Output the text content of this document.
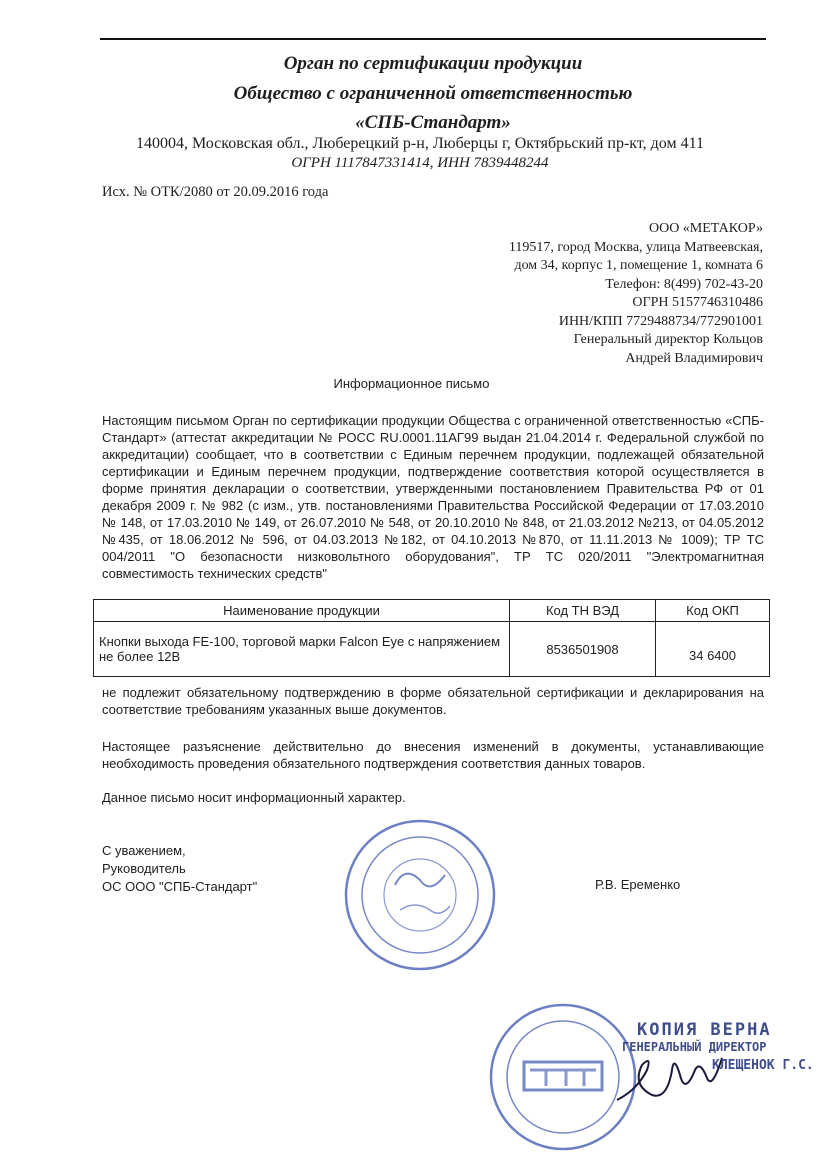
Орган по сертификации продукции
Общество с ограниченной ответственностью
«СПБ-Стандарт»
140004, Московская обл., Люберецкий р-н, Люберцы г, Октябрьский пр-кт, дом 411
ОГРН 1117847331414, ИНН 7839448244
Исх. № ОТК/2080 от 20.09.2016 года
ООО «МЕТАКОР»
119517, город Москва, улица Матвеевская,
дом 34, корпус 1, помещение 1, комната 6
Телефон: 8(499) 702-43-20
ОГРН 5157746310486
ИНН/КПП 7729488734/772901001
Генеральный директор Кольцов
Андрей Владимирович
Информационное письмо
Настоящим письмом Орган по сертификации продукции Общества с ограниченной ответственностью «СПБ-Стандарт» (аттестат аккредитации № РОСС RU.0001.11АГ99 выдан 21.04.2014 г. Федеральной службой по аккредитации) сообщает, что в соответствии с Единым перечнем продукции, подлежащей обязательной сертификации и Единым перечнем продукции, подтверждение соответствия которой осуществляется в форме принятия декларации о соответствии, утвержденными постановлением Правительства РФ от 01 декабря 2009 г. № 982 (с изм., утв. постановлениями Правительства Российской Федерации от 17.03.2010 № 148, от 17.03.2010 № 149, от 26.07.2010 № 548, от 20.10.2010 № 848, от 21.03.2012 №213, от 04.05.2012 №435, от 18.06.2012 № 596, от 04.03.2013 №182, от 04.10.2013 №870, от 11.11.2013 № 1009); ТР ТС 004/2011 "О безопасности низковольтного оборудования", ТР ТС 020/2011 "Электромагнитная совместимость технических средств"
Наименование продукции	Код ТН ВЭД	Код ОКП
Кнопки выхода FE-100, торговой марки Falcon Eye с напряжением не более 12В	8536501908	34 6400
не подлежит обязательному подтверждению в форме обязательной сертификации и декларирования на соответствие требованиям указанных выше документов.
Настоящее разъяснение действительно до внесения изменений в документы, устанавливающие необходимость проведения обязательного подтверждения соответствия данных товаров.
Данное письмо носит информационный характер.
С уважением,
Руководитель
ОС ООО "СПБ-Стандарт"	Р.В. Еременко
КОПИЯ ВЕРНА
ГЕНЕРАЛЬНЫЙ ДИРЕКТОР
КЛЕЩЕНОК Г.С.
